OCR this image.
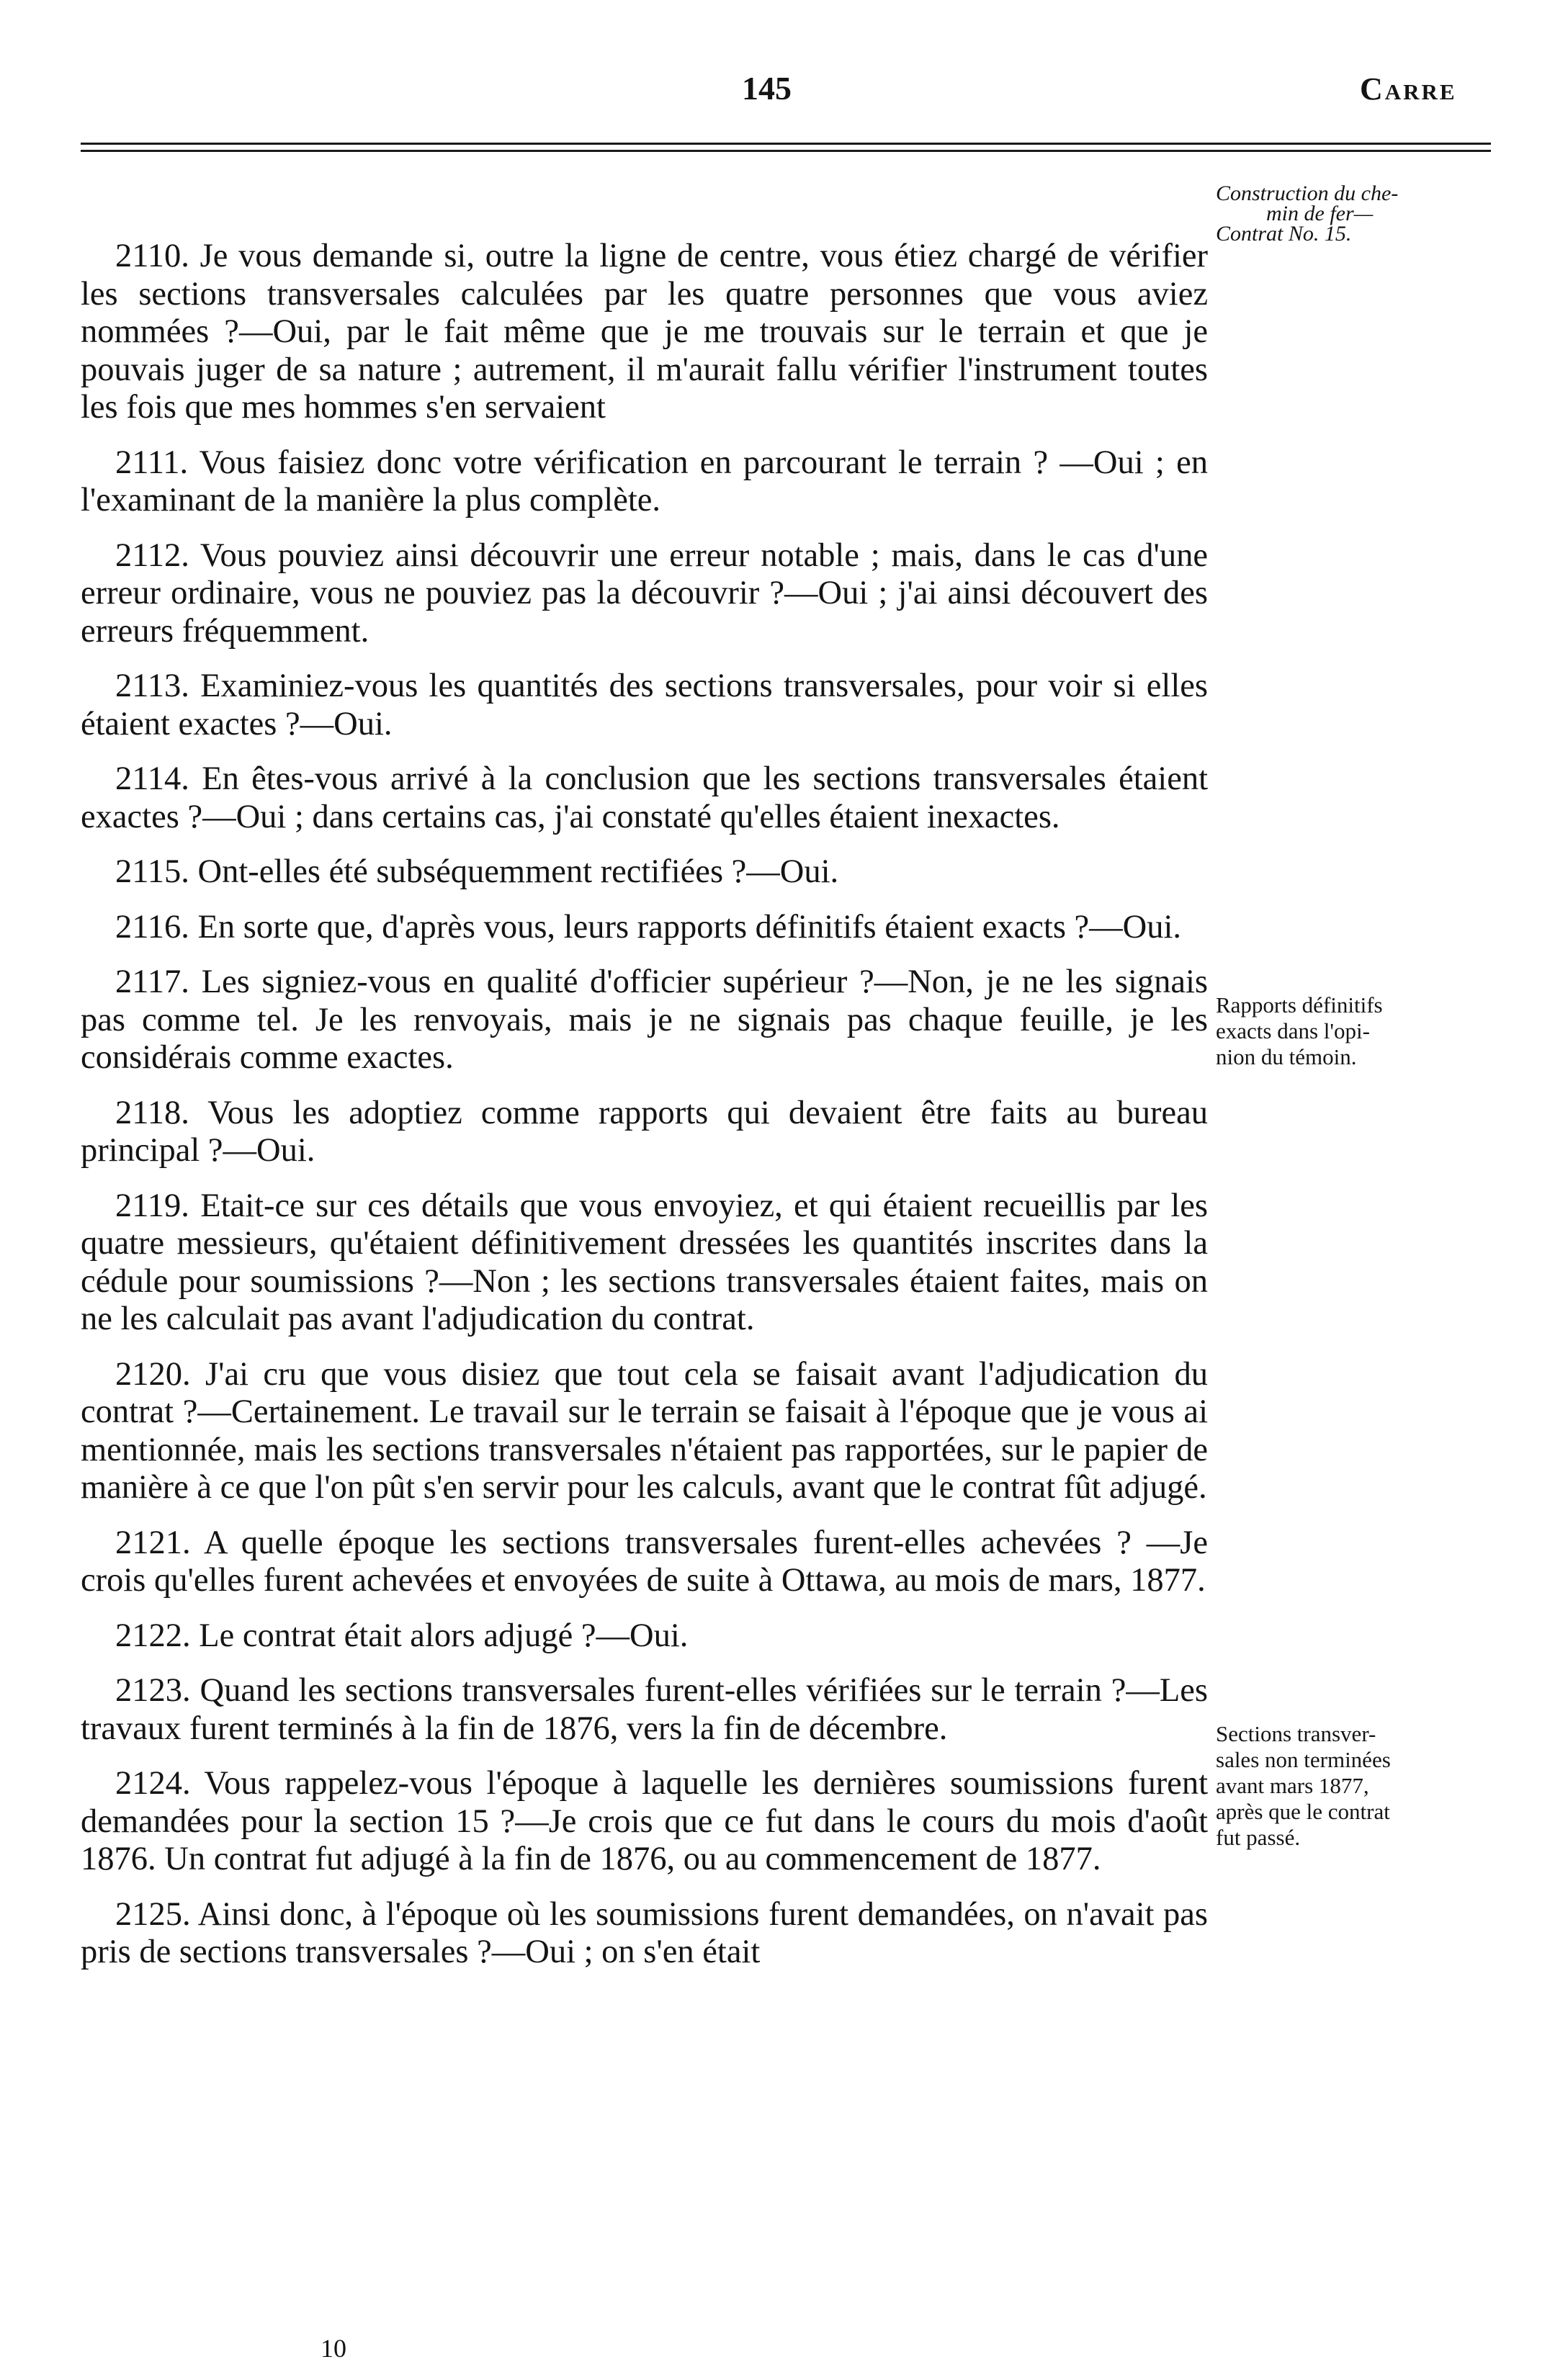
145	Carre
Construction du che-
min de fer—
Contrat No. 15.
Rapports définitifs
exacts dans l'opi-
nion du témoin.
Sections transver-
sales non terminées
avant mars 1877,
après que le contrat
fut passé.

2110. Je vous demande si, outre la ligne de centre, vous étiez chargé de vérifier les sections transversales calculées par les quatre personnes que vous aviez nommées ?—Oui, par le fait même que je me trouvais sur le terrain et que je pouvais juger de sa nature ; autrement, il m'aurait fallu vérifier l'instrument toutes les fois que mes hommes s'en servaient

2111. Vous faisiez donc votre vérification en parcourant le terrain ? —Oui ; en l'examinant de la manière la plus complète.

2112. Vous pouviez ainsi découvrir une erreur notable ; mais, dans le cas d'une erreur ordinaire, vous ne pouviez pas la découvrir ?—Oui ; j'ai ainsi découvert des erreurs fréquemment.

2113. Examiniez-vous les quantités des sections transversales, pour voir si elles étaient exactes ?—Oui.

2114. En êtes-vous arrivé à la conclusion que les sections transversales étaient exactes ?—Oui ; dans certains cas, j'ai constaté qu'elles étaient inexactes.

2115. Ont-elles été subséquemment rectifiées ?—Oui.

2116. En sorte que, d'après vous, leurs rapports définitifs étaient exacts ?—Oui.

2117. Les signiez-vous en qualité d'officier supérieur ?—Non, je ne les signais pas comme tel. Je les renvoyais, mais je ne signais pas chaque feuille, je les considérais comme exactes.

2118. Vous les adoptiez comme rapports qui devaient être faits au bureau principal ?—Oui.

2119. Etait-ce sur ces détails que vous envoyiez, et qui étaient recueillis par les quatre messieurs, qu'étaient définitivement dressées les quantités inscrites dans la cédule pour soumissions ?—Non ; les sections transversales étaient faites, mais on ne les calculait pas avant l'adjudication du contrat.

2120. J'ai cru que vous disiez que tout cela se faisait avant l'adjudication du contrat ?—Certainement. Le travail sur le terrain se faisait à l'époque que je vous ai mentionnée, mais les sections transversales n'étaient pas rapportées, sur le papier de manière à ce que l'on pût s'en servir pour les calculs, avant que le contrat fût adjugé.

2121. A quelle époque les sections transversales furent-elles achevées ? —Je crois qu'elles furent achevées et envoyées de suite à Ottawa, au mois de mars, 1877.

2122. Le contrat était alors adjugé ?—Oui.

2123. Quand les sections transversales furent-elles vérifiées sur le terrain ?—Les travaux furent terminés à la fin de 1876, vers la fin de décembre.

2124. Vous rappelez-vous l'époque à laquelle les dernières soumissions furent demandées pour la section 15 ?—Je crois que ce fut dans le cours du mois d'août 1876. Un contrat fut adjugé à la fin de 1876, ou au commencement de 1877.

2125. Ainsi donc, à l'époque où les soumissions furent demandées, on n'avait pas pris de sections transversales ?—Oui ; on s'en était

10
